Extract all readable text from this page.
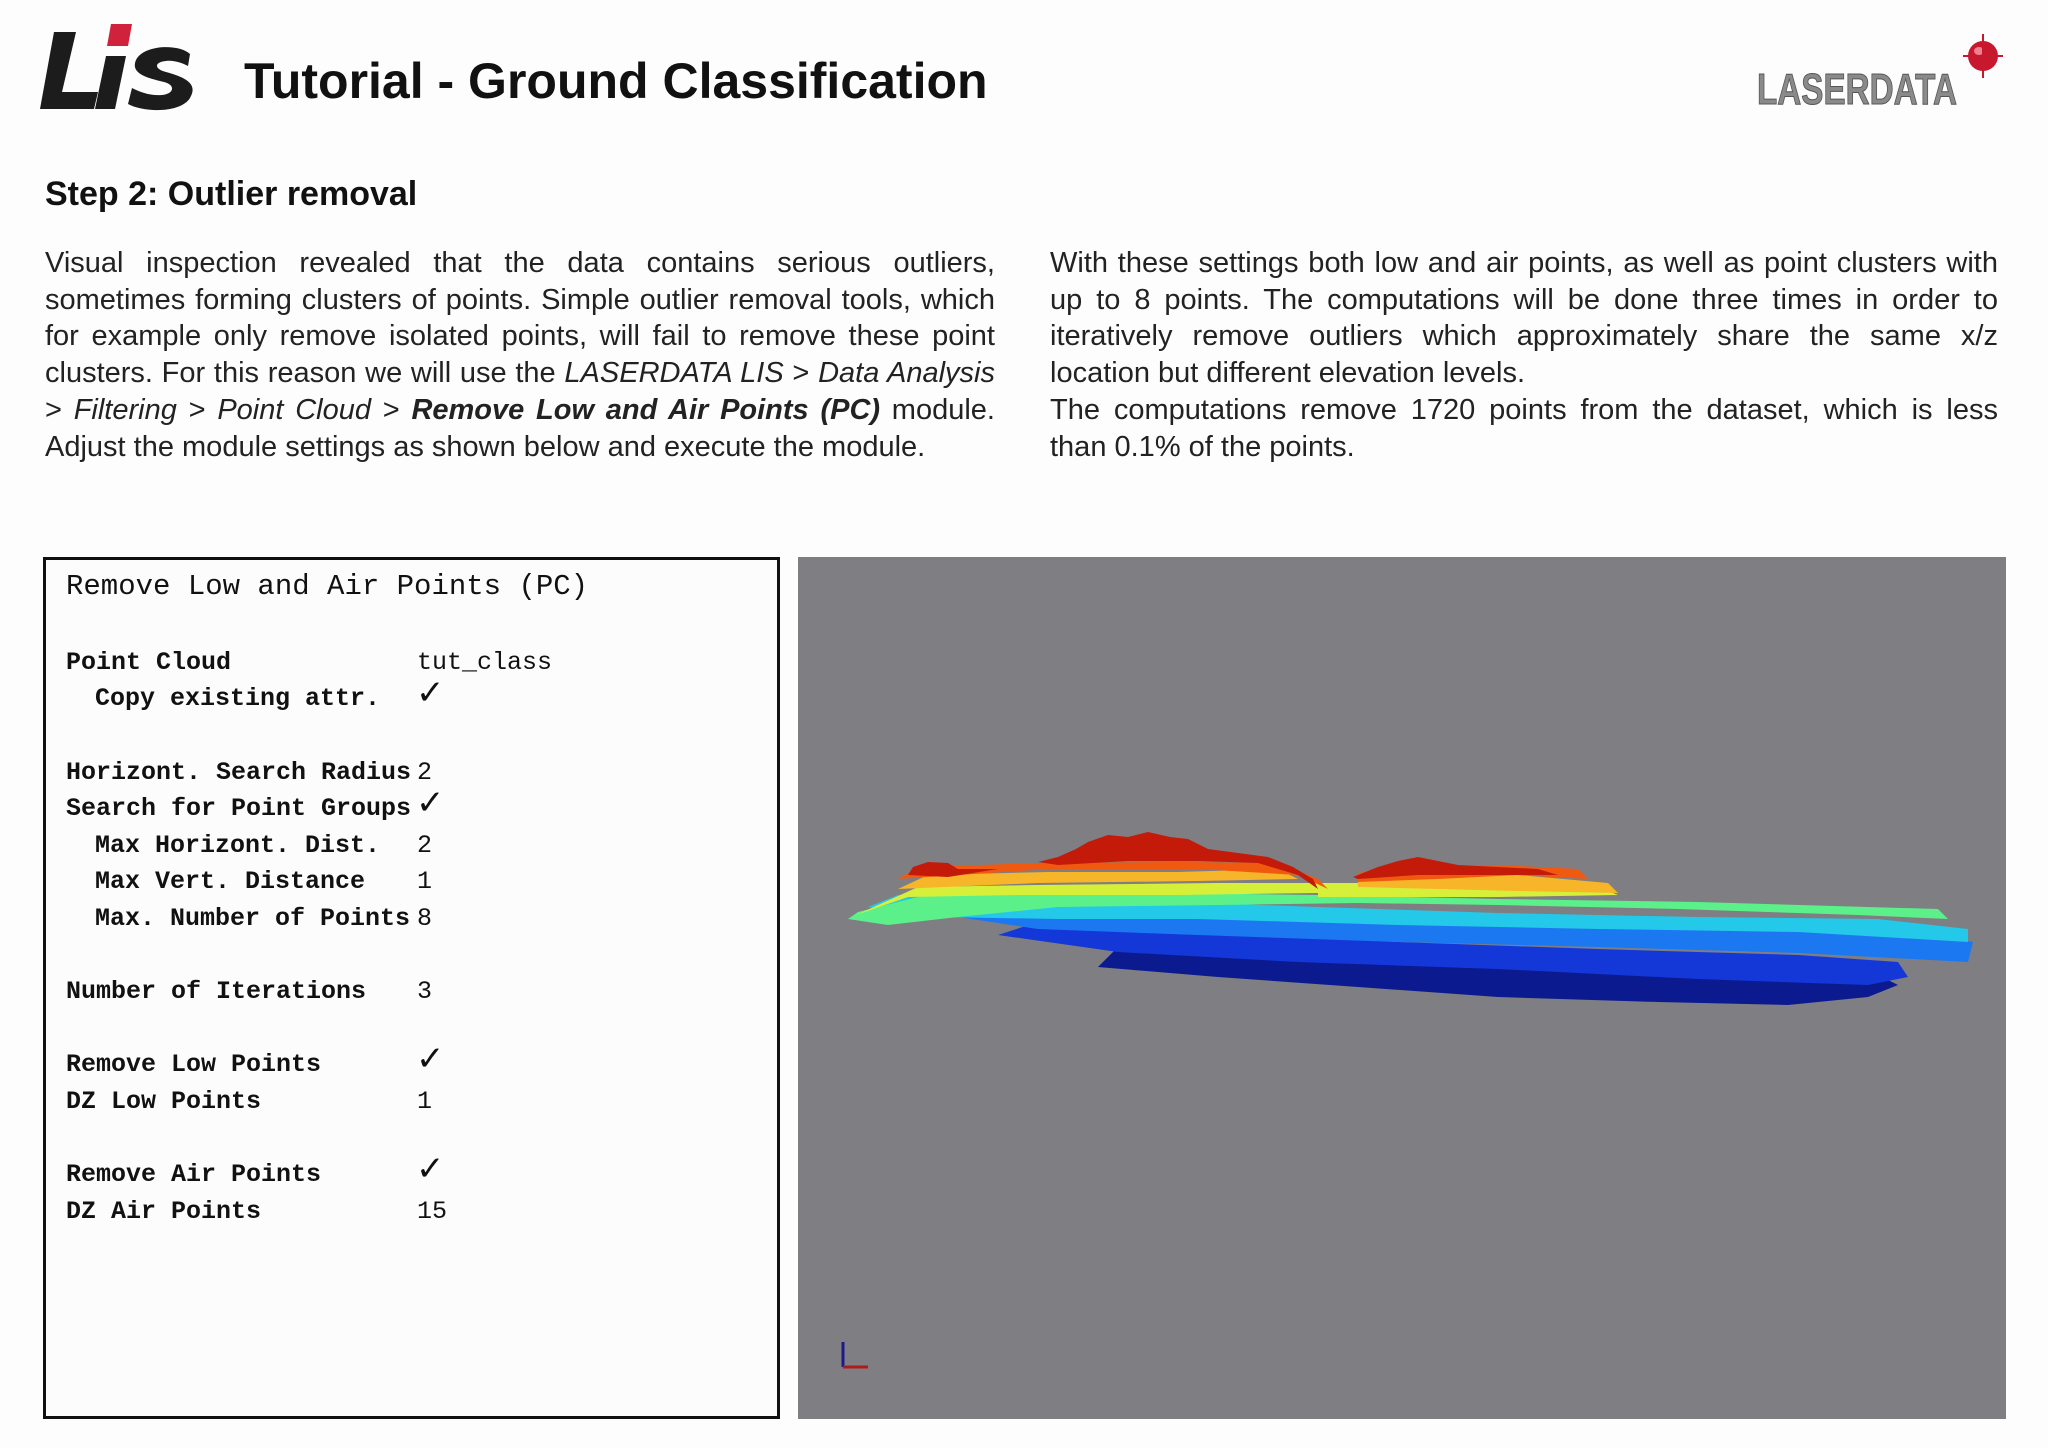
Tutorial - Ground Classification	LASERDATA
Step 2: Outlier removal

Visual inspection revealed that the data contains serious outliers, sometimes forming clusters of points. Simple outlier removal tools, which for example only remove isolated points, will fail to remove these point clusters. For this reason we will use the LASERDATA LIS > Data Analysis > Filtering > Point Cloud > Remove Low and Air Points (PC) module. Adjust the module settings as shown below and execute the module.

With these settings both low and air points, as well as point clusters with up to 8 points. The computations will be done three times in order to iteratively remove outliers which approximately share the same x/z location but different elevation levels.

The computations remove 1720 points from the dataset, which is less than 0.1% of the points.

Remove Low and Air Points (PC)
Point Cloud	tut_class
Copy existing attr. ✓
Horizont. Search Radius 2
Search for Point Groups ✓
Max Horizont. Dist. 2
Max Vert. Distance 1
Max. Number of Points 8
Number of Iterations 3
Remove Low Points	✓
DZ Low Points	1
Remove Air Points	✓
DZ Air Points	15
